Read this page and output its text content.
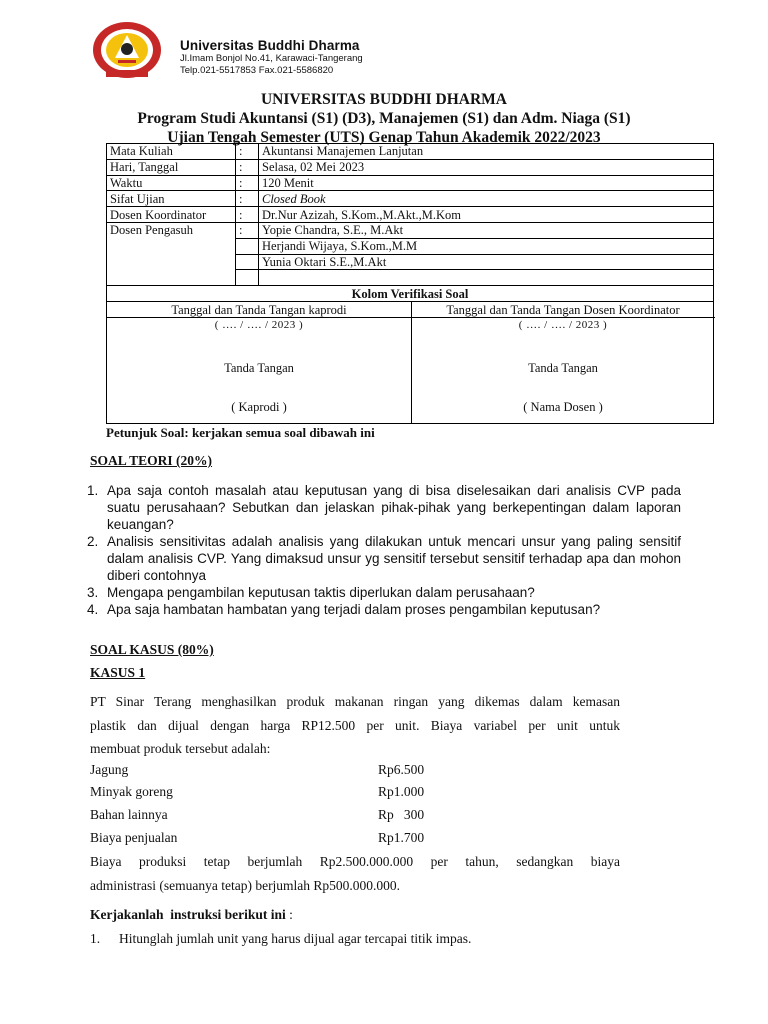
Universitas Buddhi Dharma
Jl.Imam Bonjol No.41, Karawaci-Tangerang
Telp.021-5517853 Fax.021-5586820
UNIVERSITAS BUDDHI DHARMA
Program Studi Akuntansi (S1) (D3), Manajemen (S1) dan Adm. Niaga (S1)
Ujian Tengah Semester (UTS) Genap Tahun Akademik 2022/2023
Mata Kuliah	:	Akuntansi Manajemen Lanjutan
Hari, Tanggal	:	Selasa, 02 Mei 2023
Waktu	:	120 Menit
Sifat Ujian	:	Closed Book
Dosen Koordinator	:	Dr.Nur Azizah, S.Kom.,M.Akt.,M.Kom
Dosen Pengasuh	:	Yopie Chandra, S.E., M.Akt
		Herjandi Wijaya, S.Kom.,M.M
		Yunia Oktari S.E.,M.Akt

Kolom Verifikasi Soal
Tanggal dan Tanda Tangan kaprodi
( …. / …. / 2023 )
Tanda Tangan
( Kaprodi )
Tanggal dan Tanda Tangan Dosen Koordinator
( …. / …. / 2023 )
Tanda Tangan
( Nama Dosen )
Petunjuk Soal: kerjakan semua soal dibawah ini
SOAL TEORI (20%)
1. Apa saja contoh masalah atau keputusan yang di bisa diselesaikan dari analisis CVP pada suatu perusahaan? Sebutkan dan jelaskan pihak-pihak yang berkepentingan dalam laporan keuangan?
2. Analisis sensitivitas adalah analisis yang dilakukan untuk mencari unsur yang paling sensitif dalam analisis CVP. Yang dimaksud unsur yg sensitif tersebut sensitif terhadap apa dan mohon diberi contohnya
3. Mengapa pengambilan keputusan taktis diperlukan dalam perusahaan?
4. Apa saja hambatan hambatan yang terjadi dalam proses pengambilan keputusan?
SOAL KASUS (80%)
KASUS 1
PT Sinar Terang menghasilkan produk makanan ringan yang dikemas dalam kemasan
plastik dan dijual dengan harga RP12.500 per unit. Biaya variabel per unit untuk
membuat produk tersebut adalah:
Jagung	Rp6.500
Minyak goreng	Rp1.000
Bahan lainnya	Rp   300
Biaya penjualan	Rp1.700
Biaya produksi tetap berjumlah Rp2.500.000.000 per tahun, sedangkan biaya
administrasi (semuanya tetap) berjumlah Rp500.000.000.
Kerjakanlah  instruksi berikut ini :
1. Hitunglah jumlah unit yang harus dijual agar tercapai titik impas.
